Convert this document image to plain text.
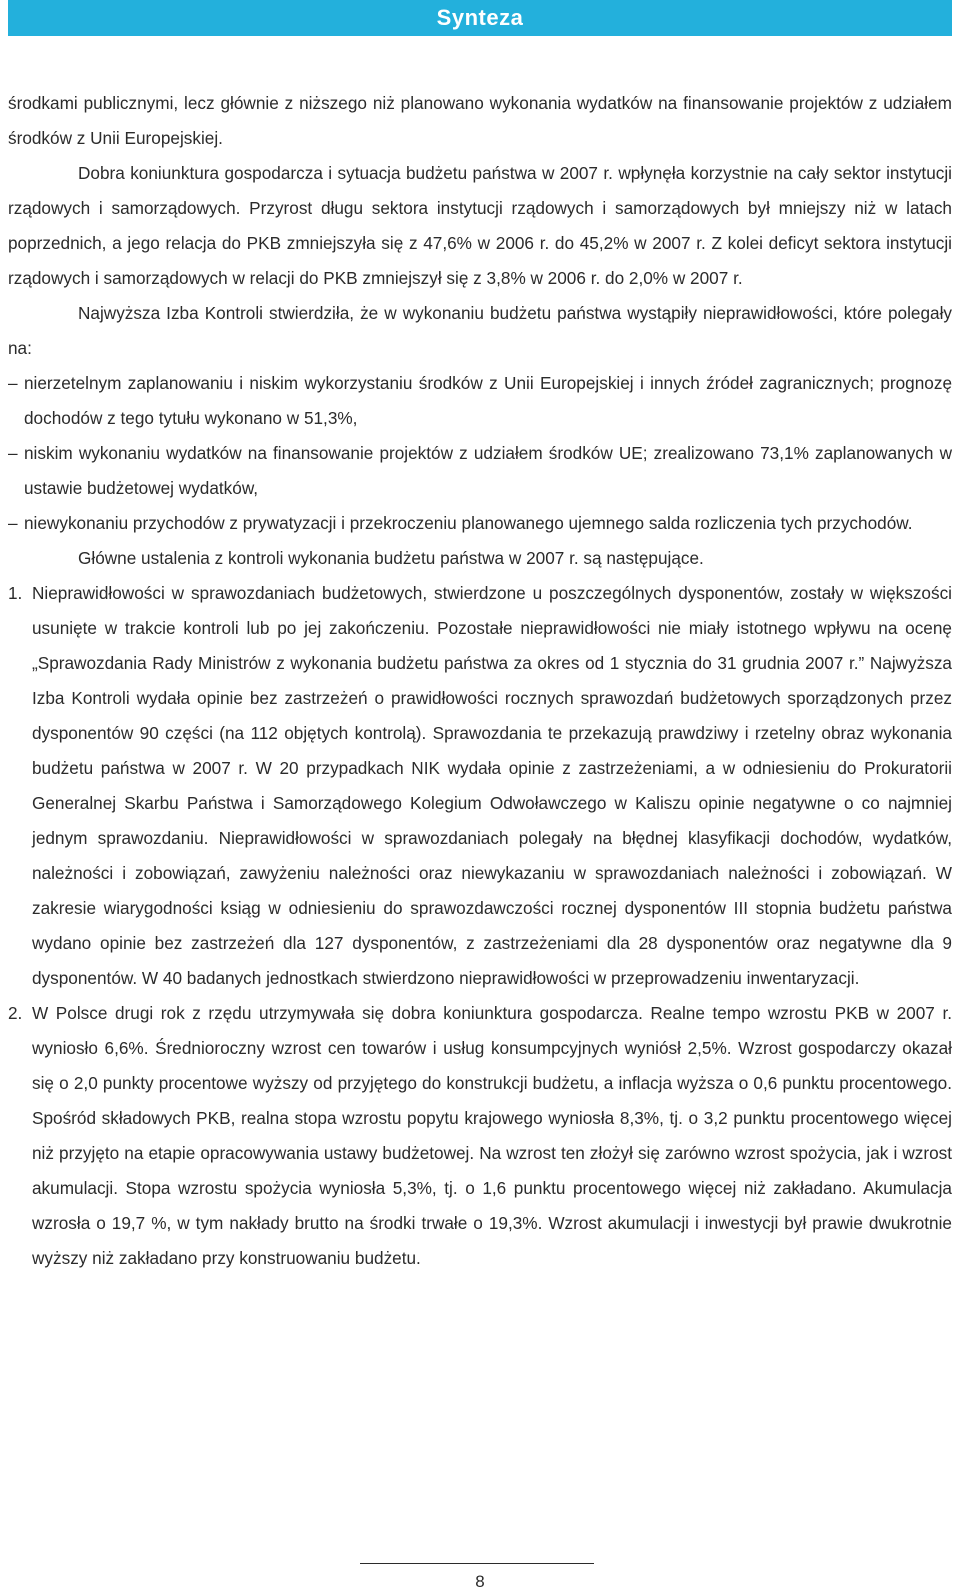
Synteza

środkami publicznymi, lecz głównie z niższego niż planowano wykonania wydatków na finansowanie projektów z udziałem środków z Unii Europejskiej.

Dobra koniunktura gospodarcza i sytuacja budżetu państwa w 2007 r. wpłynęła korzystnie na cały sektor instytucji rządowych i samorządowych. Przyrost długu sektora instytucji rządowych i samorządowych był mniejszy niż w latach poprzednich, a jego relacja do PKB zmniejszyła się z 47,6% w 2006 r. do 45,2% w 2007 r. Z kolei deficyt sektora instytucji rządowych i samorządowych w relacji do PKB zmniejszył się z 3,8% w 2006 r. do 2,0% w 2007 r.

Najwyższa Izba Kontroli stwierdziła, że w wykonaniu budżetu państwa wystąpiły nieprawidłowości, które polegały na:

– nierzetelnym zaplanowaniu i niskim wykorzystaniu środków z Unii Europejskiej i innych źródeł zagranicznych; prognozę dochodów z tego tytułu wykonano w 51,3%,
– niskim wykonaniu wydatków na finansowanie projektów z udziałem środków UE; zrealizowano 73,1% zaplanowanych w ustawie budżetowej wydatków,
– niewykonaniu przychodów z prywatyzacji i przekroczeniu planowanego ujemnego salda rozliczenia tych przychodów.

Główne ustalenia z kontroli wykonania budżetu państwa w 2007 r. są następujące.

1. Nieprawidłowości w sprawozdaniach budżetowych, stwierdzone u poszczególnych dysponentów, zostały w większości usunięte w trakcie kontroli lub po jej zakończeniu. Pozostałe nieprawidłowości nie miały istotnego wpływu na ocenę „Sprawozdania Rady Ministrów z wykonania budżetu państwa za okres od 1 stycznia do 31 grudnia 2007 r.” Najwyższa Izba Kontroli wydała opinie bez zastrzeżeń o prawidłowości rocznych sprawozdań budżetowych sporządzonych przez dysponentów 90 części (na 112 objętych kontrolą). Sprawozdania te przekazują prawdziwy i rzetelny obraz wykonania budżetu państwa w 2007 r. W 20 przypadkach NIK wydała opinie z zastrzeżeniami, a w odniesieniu do Prokuratorii Generalnej Skarbu Państwa i Samorządowego Kolegium Odwoławczego w Kaliszu opinie negatywne o co najmniej jednym sprawozdaniu. Nieprawidłowości w sprawozdaniach polegały na błędnej klasyfikacji dochodów, wydatków, należności i zobowiązań, zawyżeniu należności oraz niewykazaniu w sprawozdaniach należności i zobowiązań. W zakresie wiarygodności ksiąg w odniesieniu do sprawozdawczości rocznej dysponentów III stopnia budżetu państwa wydano opinie bez zastrzeżeń dla 127 dysponentów, z zastrzeżeniami dla 28 dysponentów oraz negatywne dla 9 dysponentów. W 40 badanych jednostkach stwierdzono nieprawidłowości w przeprowadzeniu inwentaryzacji.
2. W Polsce drugi rok z rzędu utrzymywała się dobra koniunktura gospodarcza. Realne tempo wzrostu PKB w 2007 r. wyniosło 6,6%. Średnioroczny wzrost cen towarów i usług konsumpcyjnych wyniósł 2,5%. Wzrost gospodarczy okazał się o 2,0 punkty procentowe wyższy od przyjętego do konstrukcji budżetu, a inflacja wyższa o 0,6 punktu procentowego. Spośród składowych PKB, realna stopa wzrostu popytu krajowego wyniosła 8,3%, tj. o 3,2 punktu procentowego więcej niż przyjęto na etapie opracowywania ustawy budżetowej. Na wzrost ten złożył się zarówno wzrost spożycia, jak i wzrost akumulacji. Stopa wzrostu spożycia wyniosła 5,3%, tj. o 1,6 punktu procentowego więcej niż zakładano. Akumulacja wzrosła o 19,7 %, w tym nakłady brutto na środki trwałe o 19,3%. Wzrost akumulacji i inwestycji był prawie dwukrotnie wyższy niż zakładano przy konstruowaniu budżetu.
8
